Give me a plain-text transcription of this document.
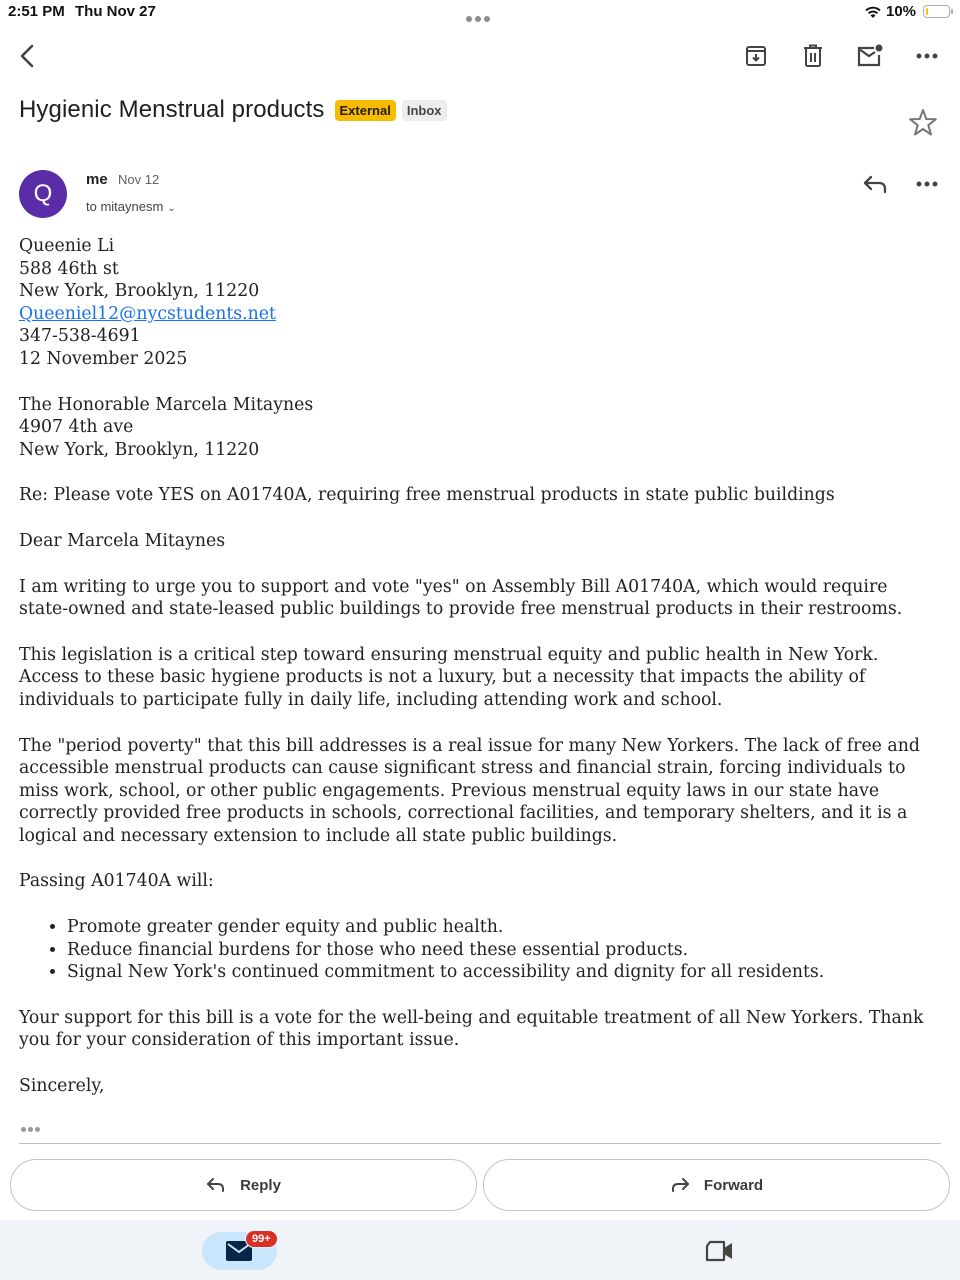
2:51 PM Thu Nov 27	10%
Hygienic Menstrual products	External	Inbox
Q
me Nov 12
to mitaynesm ⌄

Queenie Li
588 46th st
New York, Brooklyn, 11220
Queeniel12@nycstudents.net
347-538-4691
12 November 2025

The Honorable Marcela Mitaynes
4907 4th ave
New York, Brooklyn, 11220

Re: Please vote YES on A01740A, requiring free menstrual products in state public buildings

Dear Marcela Mitaynes

I am writing to urge you to support and vote "yes" on Assembly Bill A01740A, which would require state-owned and state-leased public buildings to provide free menstrual products in their restrooms.

This legislation is a critical step toward ensuring menstrual equity and public health in New York. Access to these basic hygiene products is not a luxury, but a necessity that impacts the ability of individuals to participate fully in daily life, including attending work and school.

The "period poverty" that this bill addresses is a real issue for many New Yorkers. The lack of free and accessible menstrual products can cause significant stress and financial strain, forcing individuals to miss work, school, or other public engagements. Previous menstrual equity laws in our state have correctly provided free products in schools, correctional facilities, and temporary shelters, and it is a logical and necessary extension to include all state public buildings.

Passing A01740A will:

• Promote greater gender equity and public health.
• Reduce financial burdens for those who need these essential products.
• Signal New York's continued commitment to accessibility and dignity for all residents.

Your support for this bill is a vote for the well-being and equitable treatment of all New Yorkers. Thank you for your consideration of this important issue.

Sincerely,

Reply	Forward
99+
